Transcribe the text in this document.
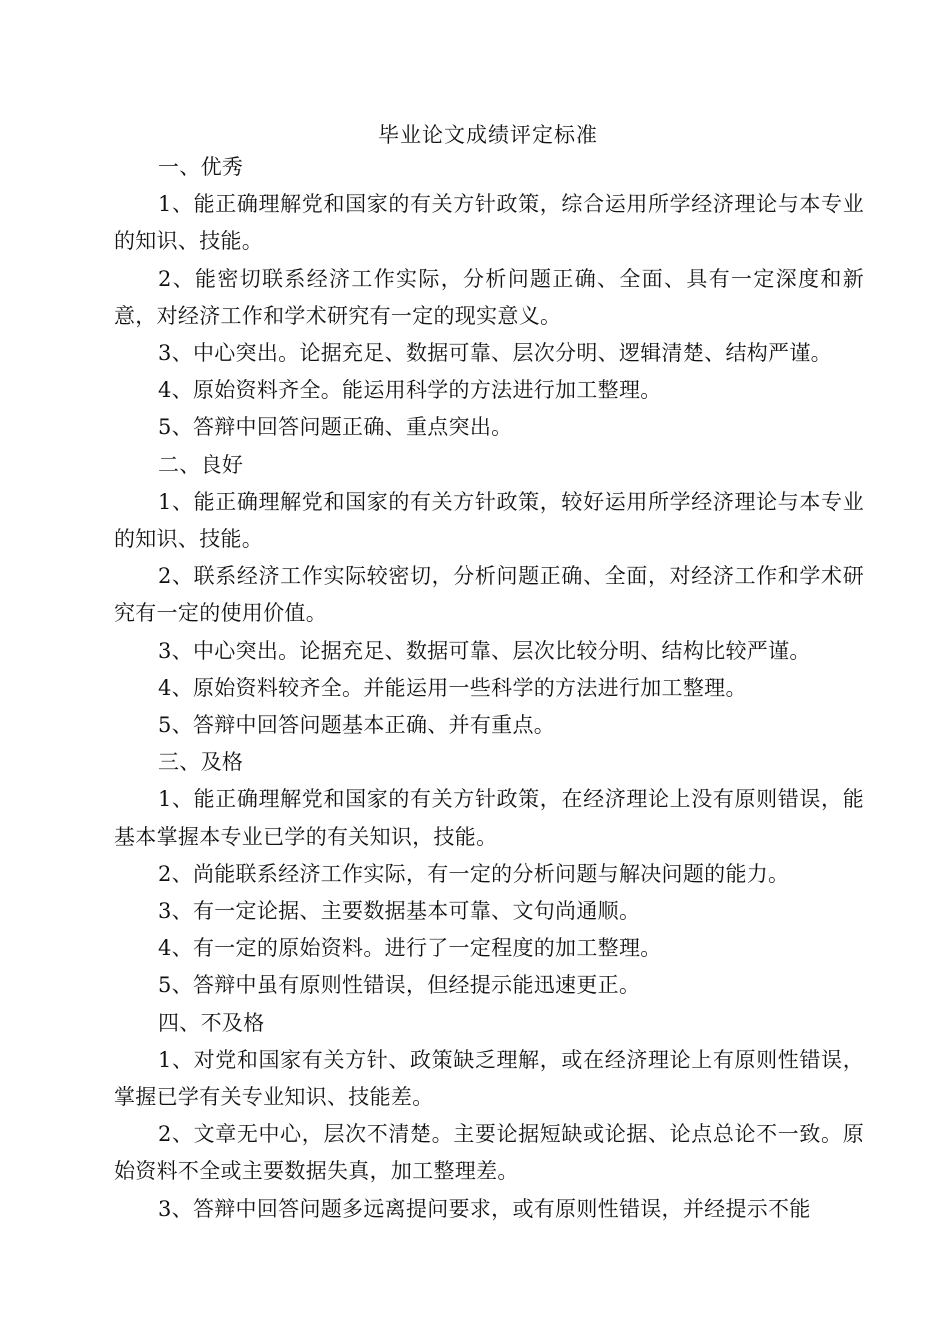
毕业论文成绩评定标准

一、优秀

1、能正确理解党和国家的有关方针政策，综合运用所学经济理论与本专业的知识、技能。

2、能密切联系经济工作实际，分析问题正确、全面、具有一定深度和新意，对经济工作和学术研究有一定的现实意义。

3、中心突出。论据充足、数据可靠、层次分明、逻辑清楚、结构严谨。

4、原始资料齐全。能运用科学的方法进行加工整理。

5、答辩中回答问题正确、重点突出。

二、良好

1、能正确理解党和国家的有关方针政策，较好运用所学经济理论与本专业的知识、技能。

2、联系经济工作实际较密切，分析问题正确、全面，对经济工作和学术研究有一定的使用价值。

3、中心突出。论据充足、数据可靠、层次比较分明、结构比较严谨。

4、原始资料较齐全。并能运用一些科学的方法进行加工整理。

5、答辩中回答问题基本正确、并有重点。

三、及格

1、能正确理解党和国家的有关方针政策，在经济理论上没有原则错误，能基本掌握本专业已学的有关知识，技能。

2、尚能联系经济工作实际，有一定的分析问题与解决问题的能力。

3、有一定论据、主要数据基本可靠、文句尚通顺。

4、有一定的原始资料。进行了一定程度的加工整理。

5、答辩中虽有原则性错误，但经提示能迅速更正。

四、不及格

1、对党和国家有关方针、政策缺乏理解，或在经济理论上有原则性错误，掌握已学有关专业知识、技能差。

2、文章无中心，层次不清楚。主要论据短缺或论据、论点总论不一致。原始资料不全或主要数据失真，加工整理差。

3、答辩中回答问题多远离提问要求，或有原则性错误，并经提示不能
